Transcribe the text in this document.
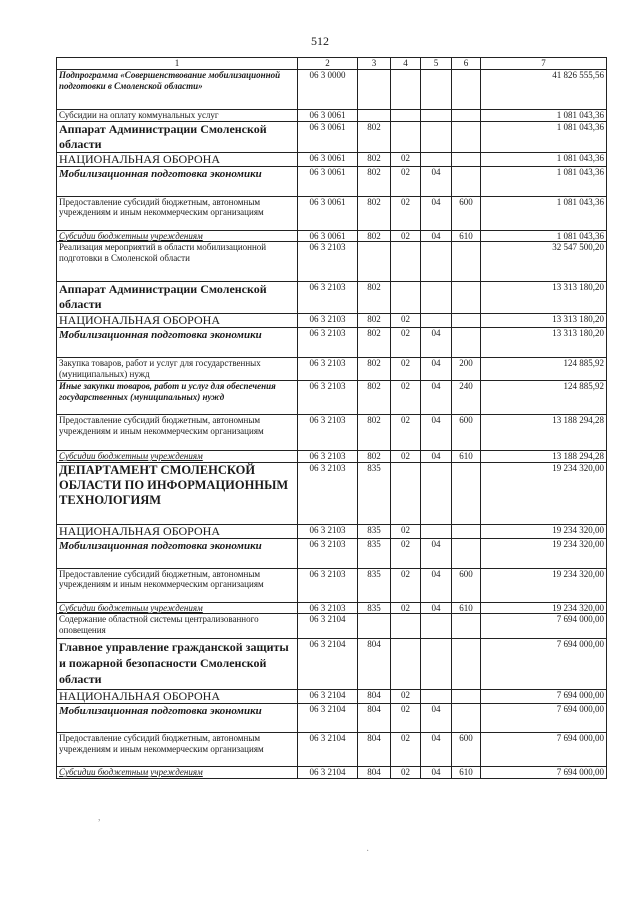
512
1	2	3	4	5	6	7
Подпрограмма «Совершенствование мобилизационной подготовки в Смоленской области»	06 3 0000					41 826 555,56
Субсидии на оплату коммунальных услуг	06 3 0061					1 081 043,36
Аппарат Администрации Смоленской области	06 3 0061	802				1 081 043,36
НАЦИОНАЛЬНАЯ ОБОРОНА	06 3 0061	802	02			1 081 043,36
Мобилизационная подготовка экономики	06 3 0061	802	02	04		1 081 043,36
Предоставление субсидий бюджетным, автономным учреждениям и иным некоммерческим организациям	06 3 0061	802	02	04	600	1 081 043,36
Субсидии бюджетным учреждениям	06 3 0061	802	02	04	610	1 081 043,36
Реализация мероприятий в области мобилизационной подготовки в Смоленской области	06 3 2103					32 547 500,20
Аппарат Администрации Смоленской области	06 3 2103	802				13 313 180,20
НАЦИОНАЛЬНАЯ ОБОРОНА	06 3 2103	802	02			13 313 180,20
Мобилизационная подготовка экономики	06 3 2103	802	02	04		13 313 180,20
Закупка товаров, работ и услуг для государственных (муниципальных) нужд	06 3 2103	802	02	04	200	124 885,92
Иные закупки товаров, работ и услуг для обеспечения государственных (муниципальных) нужд	06 3 2103	802	02	04	240	124 885,92
Предоставление субсидий бюджетным, автономным учреждениям и иным некоммерческим организациям	06 3 2103	802	02	04	600	13 188 294,28
Субсидии бюджетным учреждениям	06 3 2103	802	02	04	610	13 188 294,28
ДЕПАРТАМЕНТ СМОЛЕНСКОЙ ОБЛАСТИ ПО ИНФОРМАЦИОННЫМ ТЕХНОЛОГИЯМ	06 3 2103	835				19 234 320,00
НАЦИОНАЛЬНАЯ ОБОРОНА	06 3 2103	835	02			19 234 320,00
Мобилизационная подготовка экономики	06 3 2103	835	02	04		19 234 320,00
Предоставление субсидий бюджетным, автономным учреждениям и иным некоммерческим организациям	06 3 2103	835	02	04	600	19 234 320,00
Субсидии бюджетным учреждениям	06 3 2103	835	02	04	610	19 234 320,00
Содержание областной системы централизованного оповещения	06 3 2104					7 694 000,00
Главное управление гражданской защиты и пожарной безопасности Смоленской области	06 3 2104	804				7 694 000,00
НАЦИОНАЛЬНАЯ ОБОРОНА	06 3 2104	804	02			7 694 000,00
Мобилизационная подготовка экономики	06 3 2104	804	02	04		7 694 000,00
Предоставление субсидий бюджетным, автономным учреждениям и иным некоммерческим организациям	06 3 2104	804	02	04	600	7 694 000,00
Субсидии бюджетным учреждениям	06 3 2104	804	02	04	610	7 694 000,00
,
·
